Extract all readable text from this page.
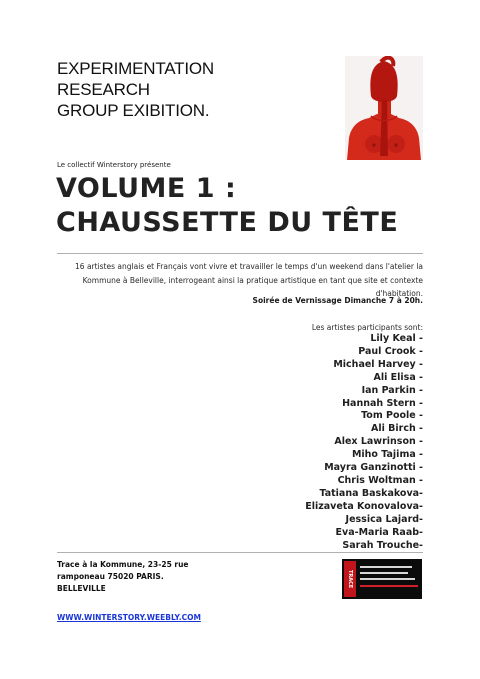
EXPERIMENTATION
RESEARCH
GROUP EXIBITION.
Le collectif Winterstory présente
VOLUME 1 :
CHAUSSETTE DU TÊTE
16 artistes anglais et Français vont vivre et travailler le temps d'un weekend dans l'atelier la
Kommune à Belleville, interrogeant ainsi la pratique artistique en tant que site et contexte
d'habitation.
Soirée de Vernissage Dimanche 7 à 20h.
Les artistes participants sont:
Lily Keal -
Paul Crook -
Michael Harvey -
Ali Elisa -
Ian Parkin -
Hannah Stern -
Tom Poole -
Ali Birch -
Alex Lawrinson -
Miho Tajima -
Mayra Ganzinotti -
Chris Woltman -
Tatiana Baskakova-
Elizaveta Konovalova-
Jessica Lajard-
Eva-Maria Raab-
Sarah Trouche-
Trace à la Kommune, 23-25 rue
ramponeau 75020 PARIS.
BELLEVILLE
TRACE
WWW.WINTERSTORY.WEEBLY.COM
